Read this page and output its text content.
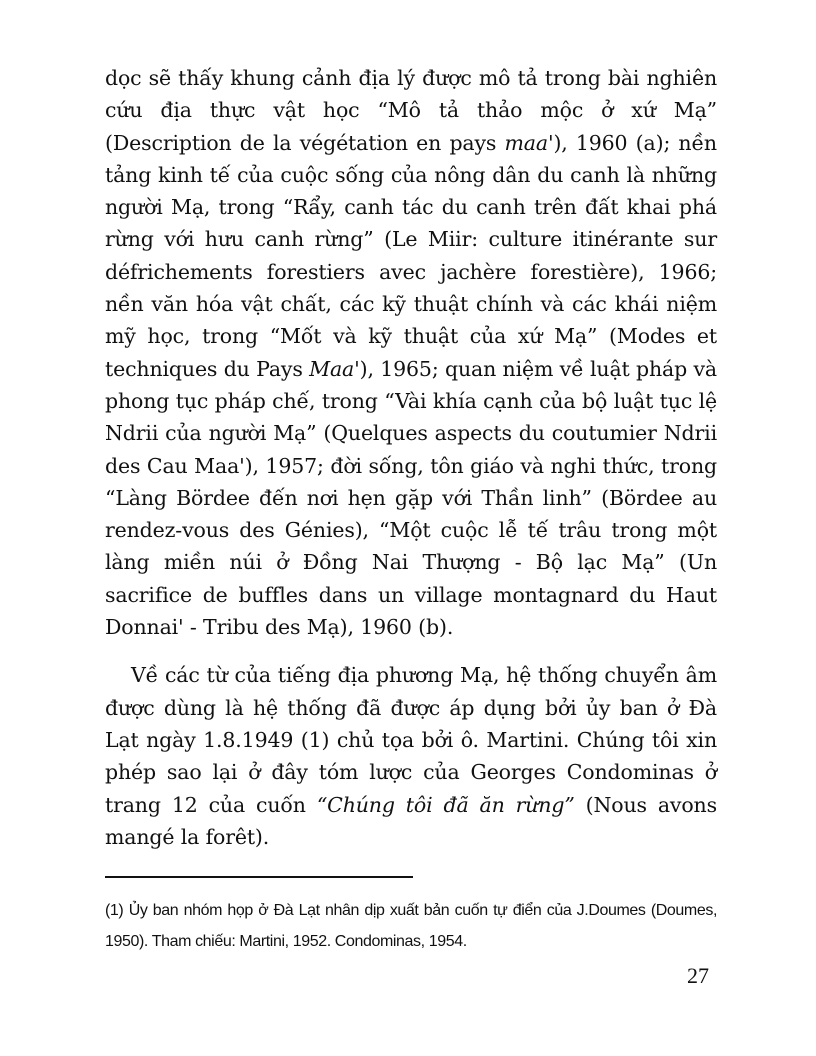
dọc sẽ thấy khung cảnh địa lý được mô tả trong bài nghiên cứu địa thực vật học “Mô tả thảo mộc ở xứ Mạ” (Description de la végétation en pays maa'), 1960 (a); nền tảng kinh tế của cuộc sống của nông dân du canh là những người Mạ, trong “Rẩy, canh tác du canh trên đất khai phá rừng với hưu canh rừng” (Le Miir: culture itinérante sur défrichements forestiers avec jachère forestière), 1966; nền văn hóa vật chất, các kỹ thuật chính và các khái niệm mỹ học, trong “Mốt và kỹ thuật của xứ Mạ” (Modes et techniques du Pays Maa'), 1965; quan niệm về luật pháp và phong tục pháp chế, trong “Vài khía cạnh của bộ luật tục lệ Ndrii của người Mạ” (Quelques aspects du coutumier Ndrii des Cau Maa'), 1957; đời sống, tôn giáo và nghi thức, trong “Làng Bördee đến nơi hẹn gặp với Thần linh” (Bördee au rendez-vous des Génies), “Một cuộc lễ tế trâu trong một làng miền núi ở Đồng Nai Thượng - Bộ lạc Mạ” (Un sacrifice de buffles dans un village montagnard du Haut Donnai' - Tribu des Mạ), 1960 (b).

Về các từ của tiếng địa phương Mạ, hệ thống chuyển âm được dùng là hệ thống đã được áp dụng bởi ủy ban ở Đà Lạt ngày 1.8.1949 (1) chủ tọa bởi ô. Martini. Chúng tôi xin phép sao lại ở đây tóm lược của Georges Condominas ở trang 12 của cuốn “Chúng tôi đã ăn rừng” (Nous avons mangé la forêt).

(1) Ủy ban nhóm họp ở Đà Lạt nhân dịp xuất bản cuốn tự điển của J.Doumes (Doumes, 1950). Tham chiếu: Martini, 1952. Condominas, 1954.

27
